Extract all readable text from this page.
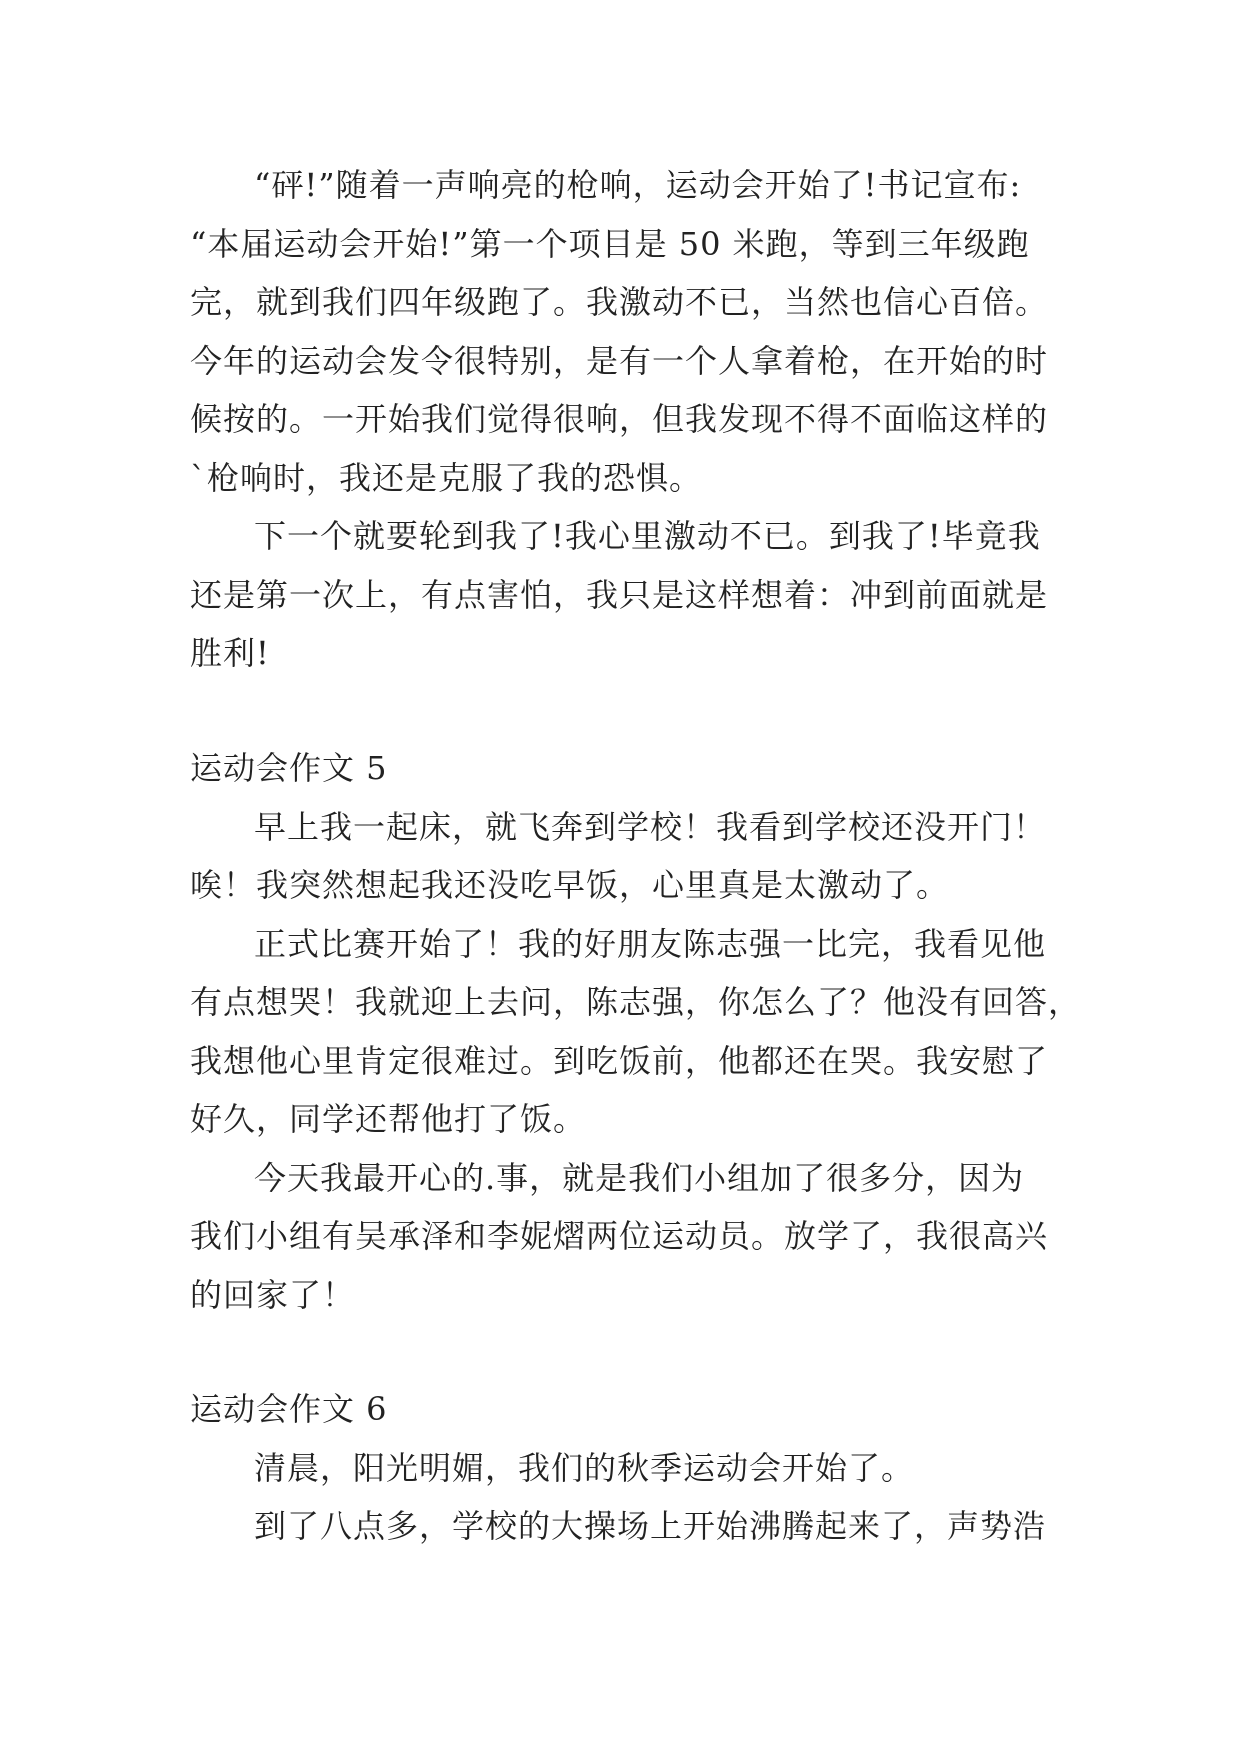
“砰!”随着一声响亮的枪响，运动会开始了!书记宣布:
“本届运动会开始!”第一个项目是 50 米跑，等到三年级跑
完，就到我们四年级跑了。我激动不已，当然也信心百倍。
今年的运动会发令很特别，是有一个人拿着枪，在开始的时
候按的。一开始我们觉得很响，但我发现不得不面临这样的
`枪响时，我还是克服了我的恐惧。
下一个就要轮到我了!我心里激动不已。到我了!毕竟我
还是第一次上，有点害怕，我只是这样想着：冲到前面就是
胜利!
运动会作文 5
早上我一起床，就飞奔到学校！我看到学校还没开门！
唉！我突然想起我还没吃早饭，心里真是太激动了。
正式比赛开始了！我的好朋友陈志强一比完，我看见他
有点想哭！我就迎上去问，陈志强，你怎么了？他没有回答，
我想他心里肯定很难过。到吃饭前，他都还在哭。我安慰了
好久，同学还帮他打了饭。
今天我最开心的.事，就是我们小组加了很多分，因为
我们小组有吴承泽和李妮熠两位运动员。放学了，我很高兴
的回家了！
运动会作文 6
清晨，阳光明媚，我们的秋季运动会开始了。
到了八点多，学校的大操场上开始沸腾起来了，声势浩
